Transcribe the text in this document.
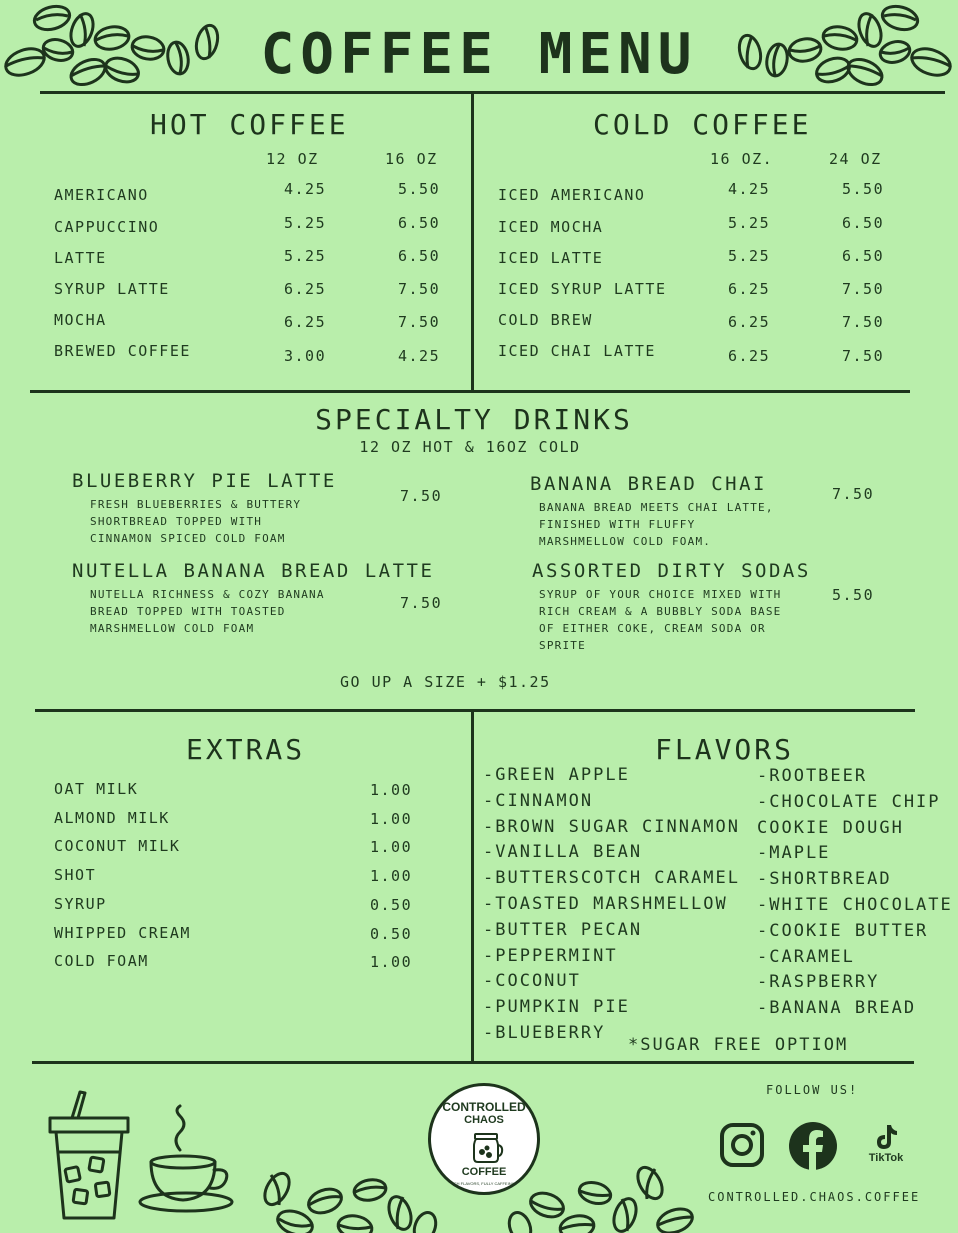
COFFEE MENU
HOT COFFEE
12 OZ	16 OZ
AMERICANO	4.25	5.50
CAPPUCCINO	5.25	6.50
LATTE	5.25	6.50
SYRUP LATTE	6.25	7.50
MOCHA	6.25	7.50
BREWED COFFEE	3.00	4.25
COLD COFFEE
16 OZ.	24 OZ
ICED AMERICANO	4.25	5.50
ICED MOCHA	5.25	6.50
ICED LATTE	5.25	6.50
ICED SYRUP LATTE	6.25	7.50
COLD BREW	6.25	7.50
ICED CHAI LATTE	6.25	7.50
SPECIALTY DRINKS
12 OZ HOT & 16OZ COLD
BLUEBERRY PIE LATTE
FRESH BLUEBERRIES & BUTTERY
SHORTBREAD TOPPED WITH
CINNAMON SPICED COLD FOAM
7.50
BANANA BREAD CHAI
BANANA BREAD MEETS CHAI LATTE,
FINISHED WITH FLUFFY
MARSHMELLOW COLD FOAM.
7.50
NUTELLA BANANA BREAD LATTE
NUTELLA RICHNESS & COZY BANANA
BREAD TOPPED WITH TOASTED
MARSHMELLOW COLD FOAM
7.50
ASSORTED DIRTY SODAS
SYRUP OF YOUR CHOICE MIXED WITH
RICH CREAM & A BUBBLY SODA BASE
OF EITHER COKE, CREAM SODA OR
SPRITE
5.50
GO UP A SIZE + $1.25
EXTRAS
OAT MILK	1.00
ALMOND MILK	1.00
COCONUT MILK	1.00
SHOT	1.00
SYRUP	0.50
WHIPPED CREAM	0.50
COLD FOAM	1.00
FLAVORS
-GREEN APPLE
-CINNAMON
-BROWN SUGAR CINNAMON
-VANILLA BEAN
-BUTTERSCOTCH CARAMEL
-TOASTED MARSHMELLOW
-BUTTER PECAN
-PEPPERMINT
-COCONUT
-PUMPKIN PIE
-BLUEBERRY
-ROOTBEER
-CHOCOLATE CHIP
COOKIE DOUGH
-MAPLE
-SHORTBREAD
-WHITE CHOCOLATE
-COOKIE BUTTER
-CARAMEL
-RASPBERRY
-BANANA BREAD
*SUGAR FREE OPTIOM
CONTROLLED
CHAOS
COFFEE
FRESH FLAVORS, FULLY CAFFEINATED
FOLLOW US!
TikTok
CONTROLLED.CHAOS.COFFEE
